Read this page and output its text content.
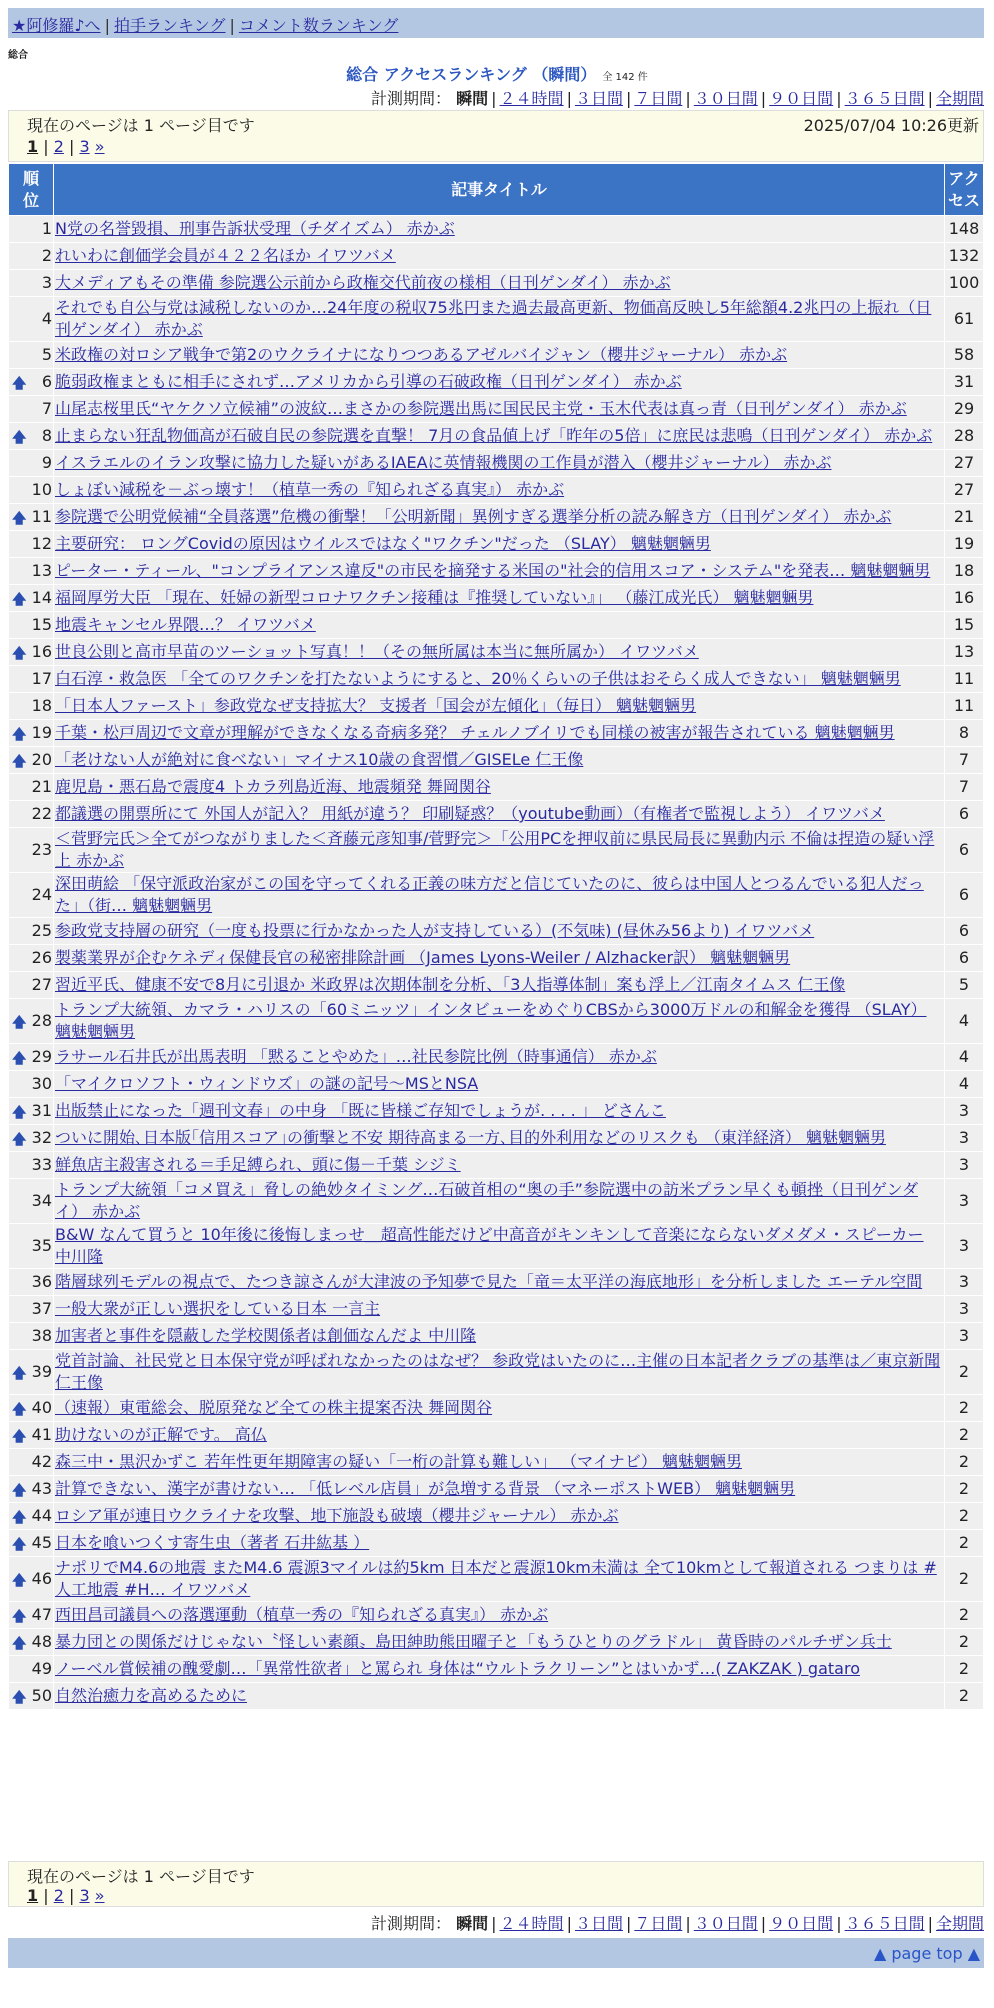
★阿修羅♪へ | 拍手ランキング | コメント数ランキング
総合
総合 アクセスランキング （瞬間） 全 142 件
計測期間： 瞬間 | ２４時間 | ３日間 | ７日間 | ３０日間 | ９０日間 | ３６５日間 | 全期間
現在のページは 1 ページ目です	2025/07/04 10:26更新
1 | 2 | 3 »
順位	記事タイトル	アクセス
1	N党の名誉毀損、刑事告訴状受理（チダイズム） 赤かぶ	148
2	れいわに創価学会員が４２２名ほか イワツバメ	132
3	大メディアもその準備 参院選公示前から政権交代前夜の様相（日刊ゲンダイ） 赤かぶ	100
4	それでも自公与党は減税しないのか…24年度の税収75兆円また過去最高更新、物価高反映し5年総額4.2兆円の上振れ（日刊ゲンダイ） 赤かぶ	61
5	米政権の対ロシア戦争で第2のウクライナになりつつあるアゼルバイジャン（櫻井ジャーナル） 赤かぶ	58

🡅 6	脆弱政権まともに相手にされず…アメリカから引導の石破政権（日刊ゲンダイ） 赤かぶ	31
7	山尾志桜里氏“ヤケクソ立候補”の波紋…まさかの参院選出馬に国民民主党・玉木代表は真っ青（日刊ゲンダイ） 赤かぶ	29

🡅 8	止まらない狂乱物価高が石破自民の参院選を直撃！ 7月の食品値上げ「昨年の5倍」に庶民は悲鳴（日刊ゲンダイ） 赤かぶ	28
9	イスラエルのイラン攻撃に協力した疑いがあるIAEAに英情報機関の工作員が潜入（櫻井ジャーナル） 赤かぶ	27
10	しょぼい減税を－ぶっ壊す！（植草一秀の『知られざる真実』） 赤かぶ	27

🡅 11	参院選で公明党候補“全員落選”危機の衝撃！「公明新聞」異例すぎる選挙分析の読み解き方（日刊ゲンダイ） 赤かぶ	21
12	主要研究： ロングCovidの原因はウイルスではなく"ワクチン"だった （SLAY） 魑魅魍魎男	19
13	ピーター・ティール、"コンプライアンス違反"の市民を摘発する米国の"社会的信用スコア・システム"を発表… 魑魅魍魎男	18

🡅 14	福岡厚労大臣 「現在、妊婦の新型コロナワクチン接種は『推奨していない』」 （藤江成光氏） 魑魅魍魎男	16
15	地震キャンセル界隈…？ イワツバメ	15

🡅 16	世良公則と高市早苗のツーショット写真！！（その無所属は本当に無所属か） イワツバメ	13
17	白石淳・救急医 「全てのワクチンを打たないようにすると、20％くらいの子供はおそらく成人できない」 魑魅魍魎男	11
18	「日本人ファースト」参政党なぜ支持拡大？ 支援者「国会が左傾化」（毎日） 魑魅魍魎男	11

🡅 19	千葉・松戸周辺で文章が理解ができなくなる奇病多発？ チェルノブイリでも同様の被害が報告されている 魑魅魍魎男	8

🡅 20	「老けない人が絶対に食べない」マイナス10歳の食習慣／GISELe 仁王像	7
21	鹿児島・悪石島で震度4 トカラ列島近海、地震頻発 舞岡関谷	7
22	都議選の開票所にて 外国人が記入？ 用紙が違う？ 印刷疑惑？（youtube動画）（有権者で監視しよう） イワツバメ	6
23	＜菅野完氏＞全てがつながりました＜斉藤元彦知事/菅野完＞「公用PCを押収前に県民局長に異動内示 不倫は捏造の疑い浮上 赤かぶ	6
24	深田萌絵 「保守派政治家がこの国を守ってくれる正義の味方だと信じていたのに、彼らは中国人とつるんでいる犯人だった」（街… 魑魅魍魎男	6
25	参政党支持層の研究（一度も投票に行かなかった人が支持している）(不気味) (昼休み56より) イワツバメ	6
26	製薬業界が企むケネディ保健長官の秘密排除計画 （James Lyons-Weiler / Alzhacker訳） 魑魅魍魎男	6
27	習近平氏、健康不安で8月に引退か 米政界は次期体制を分析、「3人指導体制」案も浮上／江南タイムス 仁王像	5

🡅 28	トランプ大統領、カマラ・ハリスの「60ミニッツ」インタビューをめぐりCBSから3000万ドルの和解金を獲得 （SLAY） 魑魅魍魎男	4

🡅 29	ラサール石井氏が出馬表明 「黙ることやめた」…社民参院比例（時事通信） 赤かぶ	4
30	「マイクロソフト・ウィンドウズ」の謎の記号～MSとNSA	4

🡅 31	出版禁止になった「週刊文春」の中身 「既に皆様ご存知でしょうが. . . . 」 どさんこ	3

🡅 32	ついに開始､日本版｢信用スコア｣の衝撃と不安 期待高まる一方､目的外利用などのリスクも （東洋経済） 魑魅魍魎男	3
33	鮮魚店主殺害される＝手足縛られ、頭に傷－千葉 シジミ	3
34	トランプ大統領「コメ買え」脅しの絶妙タイミング…石破首相の“奥の手”参院選中の訪米プラン早くも頓挫（日刊ゲンダイ） 赤かぶ	3
35	B&W なんて買うと 10年後に後悔しまっせ＿超高性能だけど中高音がキンキンして音楽にならないダメダメ・スピーカー 中川隆	3
36	階層球列モデルの視点で、たつき諒さんが大津波の予知夢で見た「竜＝太平洋の海底地形」を分析しました エーテル空間	3
37	一般大衆が正しい選択をしている日本 一言主	3
38	加害者と事件を隠蔽した学校関係者は創価なんだよ 中川隆	3

🡅 39	党首討論、社民党と日本保守党が呼ばれなかったのはなぜ？ 参政党はいたのに…主催の日本記者クラブの基準は／東京新聞 仁王像	2

🡅 40	（速報）東電総会、脱原発など全ての株主提案否決 舞岡関谷	2

🡅 41	助けないのが正解です。 高仏	2
42	森三中・黒沢かずこ 若年性更年期障害の疑い「一桁の計算も難しい」 （マイナビ） 魑魅魍魎男	2

🡅 43	計算できない、漢字が書けない… 「低レベル店員」が急増する背景 （マネーポストWEB） 魑魅魍魎男	2

🡅 44	ロシア軍が連日ウクライナを攻撃、地下施設も破壊（櫻井ジャーナル） 赤かぶ	2

🡅 45	日本を喰いつくす寄生虫（著者 石井紘基 ）	2

🡅 46	ナポリでM4.6の地震 またM4.6 震源3マイルは約5km 日本だと震源10km未満は 全て10kmとして報道される つまりは #人工地震 #H… イワツバメ	2

🡅 47	西田昌司議員への落選運動（植草一秀の『知られざる真実』） 赤かぶ	2

🡅 48	暴力団との関係だけじゃない〝怪しい素顔〟島田紳助熊田曜子と「もうひとりのグラドル」 黄昏時のパルチザン兵士	2
49	ノーベル賞候補の醜愛劇…「異常性欲者」と罵られ 身体は“ウルトラクリーン”とはいかず…( ZAKZAK ) gataro	2

🡅 50	自然治癒力を高めるために	2
現在のページは 1 ページ目です
1 | 2 | 3 »
計測期間： 瞬間 | ２４時間 | ３日間 | ７日間 | ３０日間 | ９０日間 | ３６５日間 | 全期間
▲ page top ▲
